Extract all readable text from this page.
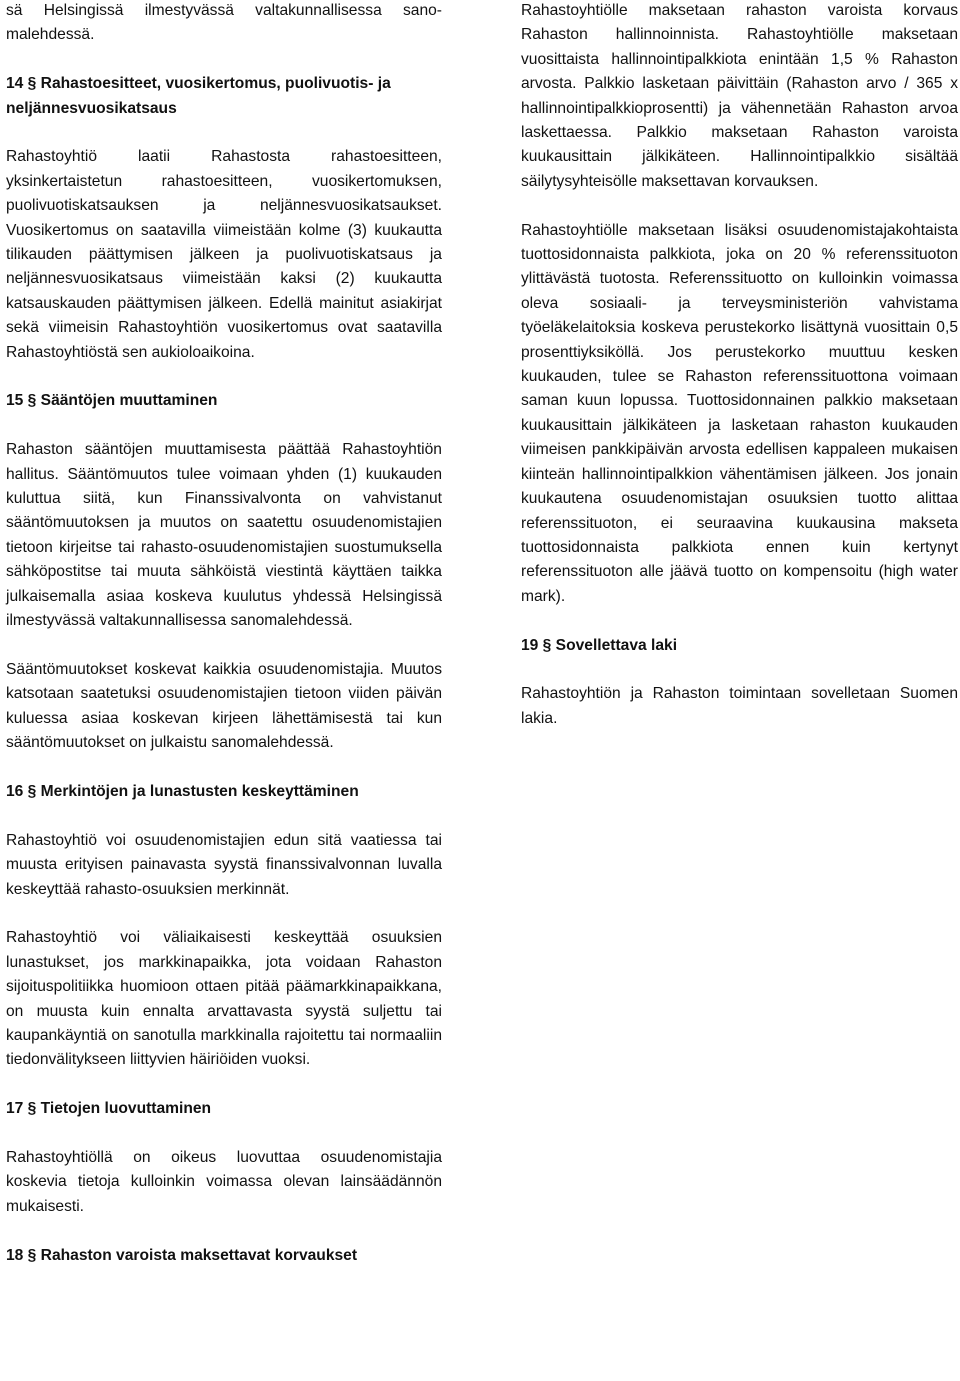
sä Helsingissä ilmestyvässä valtakunnallisessa sano-malehdessä.

14 § Rahastoesitteet, vuosikertomus, puolivuotis- ja neljännesvuosikatsaus

Rahastoyhtiö laatii Rahastosta rahastoesitteen, yksinkertaistetun rahastoesitteen, vuosikertomuksen, puolivuotiskatsauksen ja neljännesvuosikatsaukset. Vuosikertomus on saatavilla viimeistään kolme (3) kuukautta tilikauden päättymisen jälkeen ja puolivuotiskatsaus ja neljännesvuosikatsaus viimeistään kaksi (2) kuukautta katsauskauden päättymisen jälkeen. Edellä mainitut asiakirjat sekä viimeisin Rahastoyhtiön vuosikertomus ovat saatavilla Rahastoyhtiöstä sen aukioloaikoina.

15 § Sääntöjen muuttaminen

Rahaston sääntöjen muuttamisesta päättää Rahastoyhtiön hallitus. Sääntömuutos tulee voimaan yhden (1) kuukauden kuluttua siitä, kun Finanssivalvonta on vahvistanut sääntömuutoksen ja muutos on saatettu osuudenomistajien tietoon kirjeitse tai rahasto-osuudenomistajien suostumuksella sähköpostitse tai muuta sähköistä viestintä käyttäen taikka julkaisemalla asiaa koskeva kuulutus yhdessä Helsingissä ilmestyvässä valtakunnallisessa sanomalehdessä.

Sääntömuutokset koskevat kaikkia osuudenomistajia. Muutos katsotaan saatetuksi osuudenomistajien tietoon viiden päivän kuluessa asiaa koskevan kirjeen lähettämisestä tai kun sääntömuutokset on julkaistu sanomalehdessä.

16 § Merkintöjen ja lunastusten keskeyttäminen

Rahastoyhtiö voi osuudenomistajien edun sitä vaatiessa tai muusta erityisen painavasta syystä finanssivalvonnan luvalla keskeyttää rahasto-osuuksien merkinnät.

Rahastoyhtiö voi väliaikaisesti keskeyttää osuuksien lunastukset, jos markkinapaikka, jota voidaan Rahaston sijoituspolitiikka huomioon ottaen pitää päämarkkinapaikkana, on muusta kuin ennalta arvattavasta syystä suljettu tai kaupankäyntiä on sanotulla markkinalla rajoitettu tai normaaliin tiedonvälitykseen liittyvien häiriöiden vuoksi.

17 § Tietojen luovuttaminen

Rahastoyhtiöllä on oikeus luovuttaa osuudenomistajia koskevia tietoja kulloinkin voimassa olevan lainsäädännön mukaisesti.

18 § Rahaston varoista maksettavat korvaukset

Rahastoyhtiölle maksetaan rahaston varoista korvaus Rahaston hallinnoinnista. Rahastoyhtiölle maksetaan vuosittaista hallinnointipalkkiota enintään 1,5 % Rahaston arvosta. Palkkio lasketaan päivittäin (Rahaston arvo / 365 x hallinnointipalkkioprosentti) ja vähennetään Rahaston arvoa laskettaessa. Palkkio maksetaan Rahaston varoista kuukausittain jälkikäteen. Hallinnointipalkkio sisältää säilytysyhteisölle maksettavan korvauksen.

Rahastoyhtiölle maksetaan lisäksi osuudenomistajakohtaista tuottosidonnaista palkkiota, joka on 20 % referenssituoton ylittävästä tuotosta. Referenssituotto on kulloinkin voimassa oleva sosiaali- ja terveysministeriön vahvistama työeläkelaitoksia koskeva perustekorko lisättynä vuosittain 0,5 prosenttiyksiköllä. Jos perustekorko muuttuu kesken kuukauden, tulee se Rahaston referenssituottona voimaan saman kuun lopussa. Tuottosidonnainen palkkio maksetaan kuukausittain jälkikäteen ja lasketaan rahaston kuukauden viimeisen pankkipäivän arvosta edellisen kappaleen mukaisen kiinteän hallinnointipalkkion vähentämisen jälkeen. Jos jonain kuukautena osuudenomistajan osuuksien tuotto alittaa referenssituoton, ei seuraavina kuukausina makseta tuottosidonnaista palkkiota ennen kuin kertynyt referenssituoton alle jäävä tuotto on kompensoitu (high water mark).

19 § Sovellettava laki

Rahastoyhtiön ja Rahaston toimintaan sovelletaan Suomen lakia.
